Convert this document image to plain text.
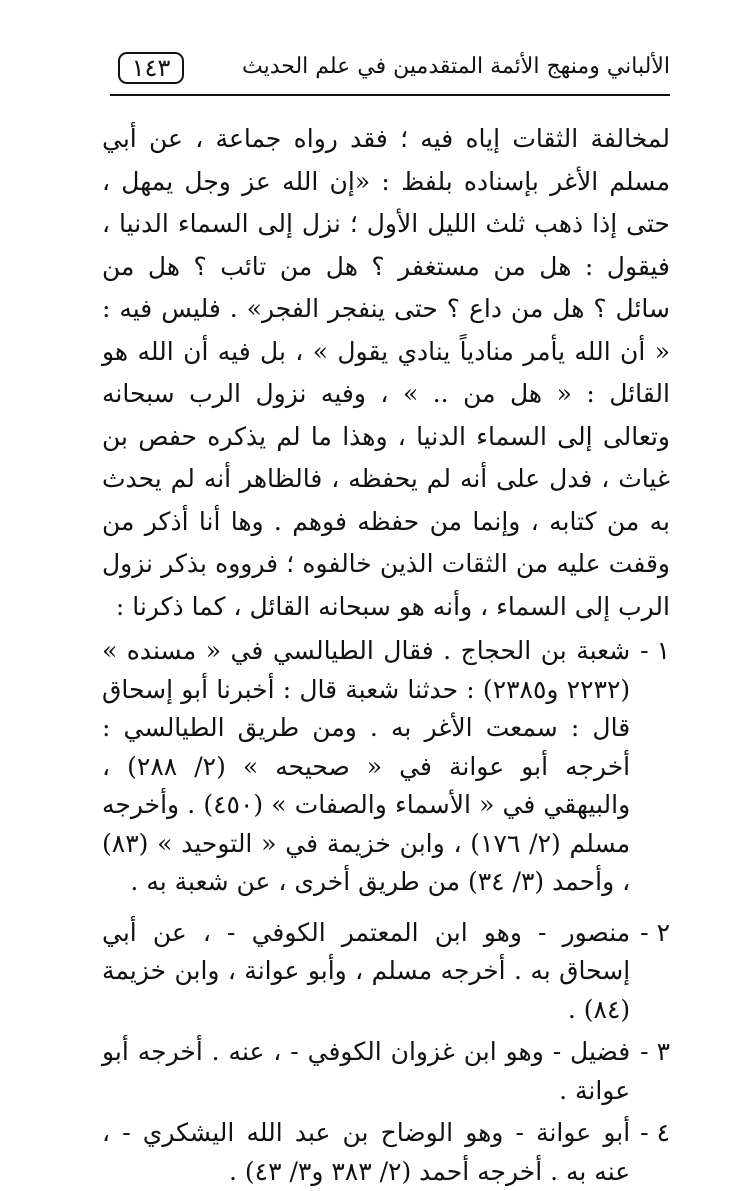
١٤٣	الألباني ومنهج الأئمة المتقدمين في علم الحديث

لمخالفة الثقات إياه فيه ؛ فقد رواه جماعة ، عن أبي مسلم الأغر بإسناده بلفظ : «إن الله عز وجل يمهل ، حتى إذا ذهب ثلث الليل الأول ؛ نزل إلى السماء الدنيا ، فيقول : هل من مستغفر ؟ هل من تائب ؟ هل من سائل ؟ هل من داع ؟ حتى ينفجر الفجر» . فليس فيه : « أن الله يأمر منادياً ينادي يقول » ، بل فيه أن الله هو القائل : « هل من .. » ، وفيه نزول الرب سبحانه وتعالى إلى السماء الدنيا ، وهذا ما لم يذكره حفص بن غياث ، فدل على أنه لم يحفظه ، فالظاهر أنه لم يحدث به من كتابه ، وإنما من حفظه فوهم . وها أنا أذكر من وقفت عليه من الثقات الذين خالفوه ؛ فرووه بذكر نزول الرب إلى السماء ، وأنه هو سبحانه القائل ، كما ذكرنا :

١ -
شعبة بن الحجاج . فقال الطيالسي في « مسنده » (٢٢٣٢ و٢٣٨٥) : حدثنا شعبة قال : أخبرنا أبو إسحاق قال : سمعت الأغر به . ومن طريق الطيالسي : أخرجه أبو عوانة في « صحيحه » (٢/ ٢٨٨) ، والبيهقي في « الأسماء والصفات » (٤٥٠) . وأخرجه مسلم (٢/ ١٧٦) ، وابن خزيمة في « التوحيد » (٨٣) ، وأحمد (٣/ ٣٤) من طريق أخرى ، عن شعبة به .
٢ -
منصور - وهو ابن المعتمر الكوفي - ، عن أبي إسحاق به . أخرجه مسلم ، وأبو عوانة ، وابن خزيمة (٨٤) .
٣ -
فضيل - وهو ابن غزوان الكوفي - ، عنه . أخرجه أبو عوانة .
٤ -
أبو عوانة - وهو الوضاح بن عبد الله اليشكري - ، عنه به . أخرجه أحمد (٢/ ٣٨٣ و٣/ ٤٣) .
